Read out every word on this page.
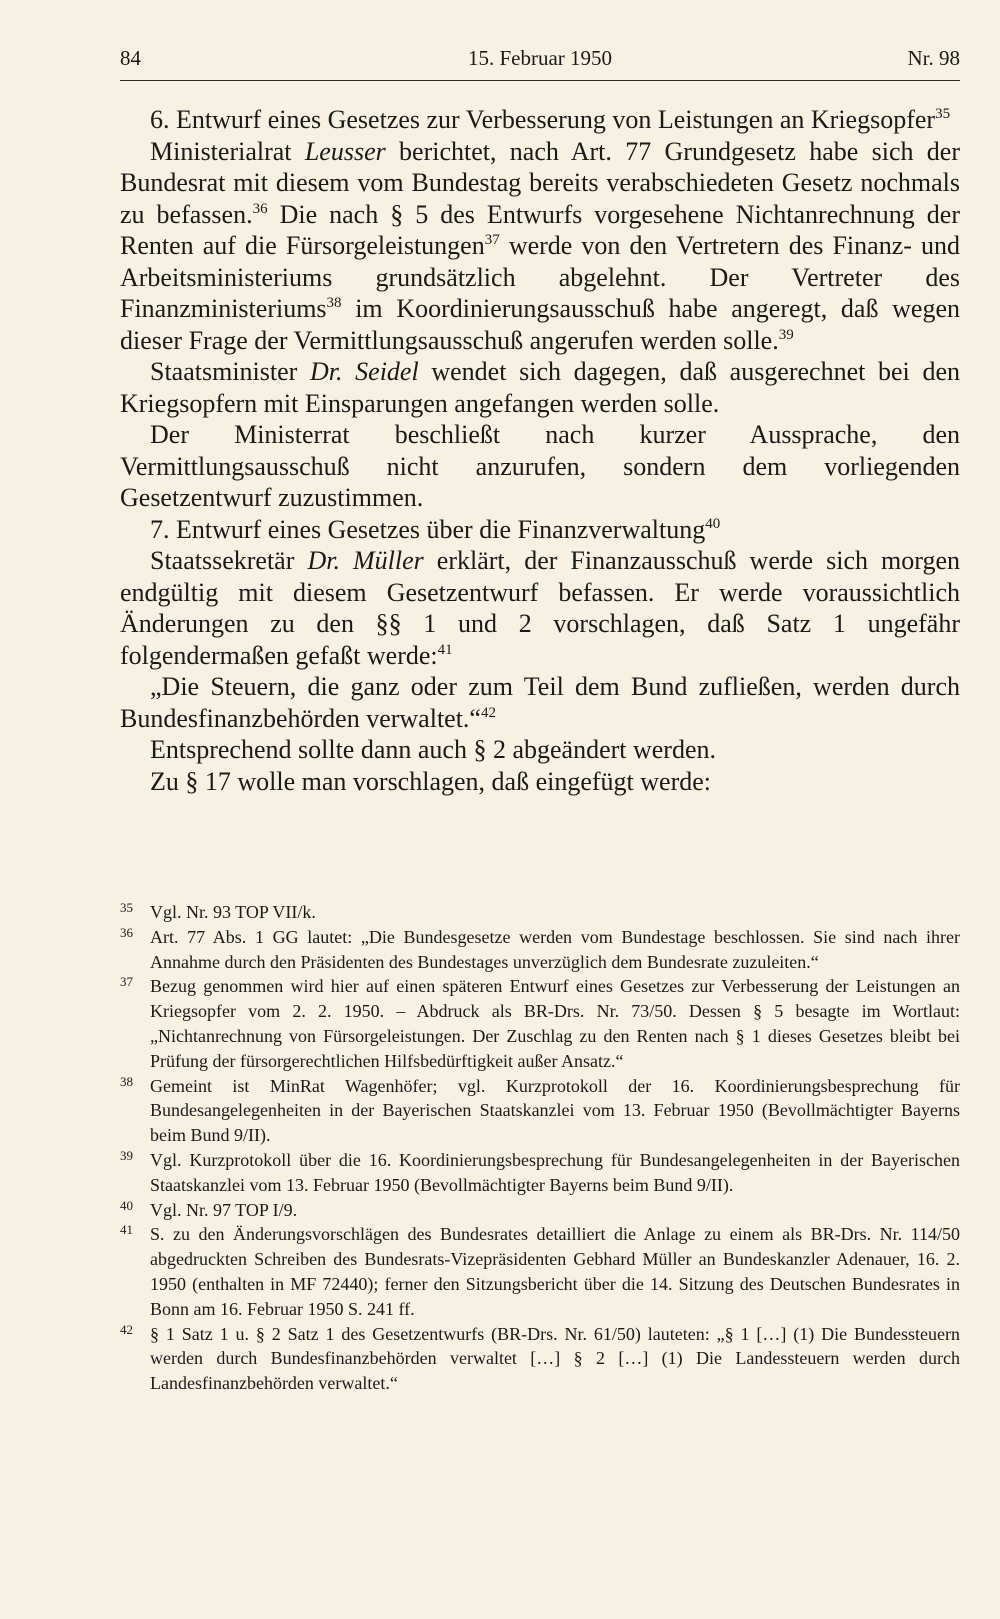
84	15. Februar 1950	Nr. 98

6. Entwurf eines Gesetzes zur Verbesserung von Leistungen an Kriegsopfer$^{35}$

Ministerialrat Leusser berichtet, nach Art. 77 Grundgesetz habe sich der Bundesrat mit diesem vom Bundestag bereits verabschiedeten Gesetz nochmals zu befassen.$^{36}$ Die nach § 5 des Entwurfs vorgesehene Nichtanrechnung der Renten auf die Fürsorgeleistungen$^{37}$ werde von den Vertretern des Finanz- und Arbeitsministeriums grundsätzlich abgelehnt. Der Vertreter des Finanzministeriums$^{38}$ im Koordinierungsausschuß habe angeregt, daß wegen dieser Frage der Vermittlungsausschuß angerufen werden solle.$^{39}$

Staatsminister Dr. Seidel wendet sich dagegen, daß ausgerechnet bei den Kriegsopfern mit Einsparungen angefangen werden solle.

Der Ministerrat beschließt nach kurzer Aussprache, den Vermittlungsausschuß nicht anzurufen, sondern dem vorliegenden Gesetzentwurf zuzustimmen.

7. Entwurf eines Gesetzes über die Finanzverwaltung$^{40}$

Staatssekretär Dr. Müller erklärt, der Finanzausschuß werde sich morgen endgültig mit diesem Gesetzentwurf befassen. Er werde voraussichtlich Änderungen zu den §§ 1 und 2 vorschlagen, daß Satz 1 ungefähr folgendermaßen gefaßt werde:$^{41}$

„Die Steuern, die ganz oder zum Teil dem Bund zufließen, werden durch Bundesfinanzbehörden verwaltet.“$^{42}$

Entsprechend sollte dann auch § 2 abgeändert werden.

Zu § 17 wolle man vorschlagen, daß eingefügt werde:

35 Vgl. Nr. 93 TOP VII/k.
36 Art. 77 Abs. 1 GG lautet: „Die Bundesgesetze werden vom Bundestage beschlossen. Sie sind nach ihrer Annahme durch den Präsidenten des Bundestages unverzüglich dem Bundesrate zuzuleiten.“
37 Bezug genommen wird hier auf einen späteren Entwurf eines Gesetzes zur Verbesserung der Leistungen an Kriegsopfer vom 2. 2. 1950. – Abdruck als BR-Drs. Nr. 73/50. Dessen § 5 besagte im Wortlaut: „Nichtanrechnung von Fürsorgeleistungen. Der Zuschlag zu den Renten nach § 1 dieses Gesetzes bleibt bei Prüfung der fürsorgerechtlichen Hilfsbedürftigkeit außer Ansatz.“
38 Gemeint ist MinRat Wagenhöfer; vgl. Kurzprotokoll der 16. Koordinierungsbesprechung für Bundesangelegenheiten in der Bayerischen Staatskanzlei vom 13. Februar 1950 (Bevollmächtigter Bayerns beim Bund 9/II).
39 Vgl. Kurzprotokoll über die 16. Koordinierungsbesprechung für Bundesangelegenheiten in der Bayerischen Staatskanzlei vom 13. Februar 1950 (Bevollmächtigter Bayerns beim Bund 9/II).
40 Vgl. Nr. 97 TOP I/9.
41 S. zu den Änderungsvorschlägen des Bundesrates detailliert die Anlage zu einem als BR-Drs. Nr. 114/50 abgedruckten Schreiben des Bundesrats-Vizepräsidenten Gebhard Müller an Bundeskanzler Adenauer, 16. 2. 1950 (enthalten in MF 72440); ferner den Sitzungsbericht über die 14. Sitzung des Deutschen Bundesrates in Bonn am 16. Februar 1950 S. 241 ff.
42 § 1 Satz 1 u. § 2 Satz 1 des Gesetzentwurfs (BR-Drs. Nr. 61/50) lauteten: „§ 1 […] (1) Die Bundessteuern werden durch Bundesfinanzbehörden verwaltet […] § 2 […] (1) Die Landessteuern werden durch Landesfinanzbehörden verwaltet.“
